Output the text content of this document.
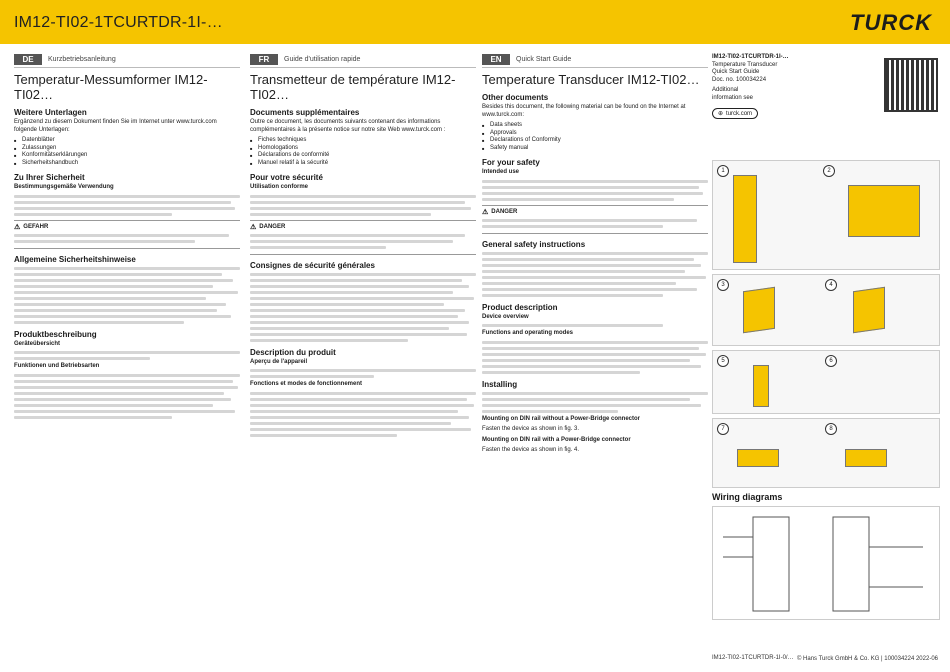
IM12-TI02-1TCURTDR-1I-…	TURCK
DE	Kurzbetriebsanleitung
Temperatur-Messumformer IM12-TI02…
Weitere Unterlagen
Ergänzend zu diesem Dokument finden Sie im Internet unter www.turck.com folgende Unterlagen:
■ Datenblätter
■ Zulassungen
■ Konformitätserklärungen
■ Sicherheitshandbuch
Zu Ihrer Sicherheit
Bestimmungsgemäße Verwendung
⚠ GEFAHR
Allgemeine Sicherheitshinweise
Produktbeschreibung
Geräteübersicht
Funktionen und Betriebsarten
FR	Guide d'utilisation rapide
Transmetteur de température IM12-TI02…
Documents supplémentaires
Outre ce document, les documents suivants contenant des informations complémentaires à la présente notice sur notre site Web www.turck.com :
■ Fiches techniques
■ Homologations
■ Déclarations de conformité
■ Manuel relatif à la sécurité
Pour votre sécurité
Utilisation conforme
⚠ DANGER
Consignes de sécurité générales
Description du produit
Aperçu de l'appareil
Fonctions et modes de fonctionnement
EN	Quick Start Guide
Temperature Transducer IM12-TI02…
Other documents
Besides this document, the following material can be found on the Internet at www.turck.com:
■ Data sheets
■ Approvals
■ Declarations of Conformity
■ Safety manual
For your safety
Intended use
⚠ DANGER
General safety instructions
Product description
Device overview
Functions and operating modes
Installing
Mounting on DIN rail without a Power-Bridge connector
Fasten the device as shown in fig. 3.
Mounting on DIN rail with a Power-Bridge connector
Fasten the device as shown in fig. 4.
IM12-TI02-1TCURTDR-1I-…
Temperature Transducer
Quick Start Guide
Doc. no. 100034224
Additional
information see
⊕ turck.com
1	2
3	4
5	6
7	8
Wiring diagrams
IM12-TI02-1TCURTDR-1I-0/… © Hans Turck GmbH & Co. KG | 100034224 2022-06
